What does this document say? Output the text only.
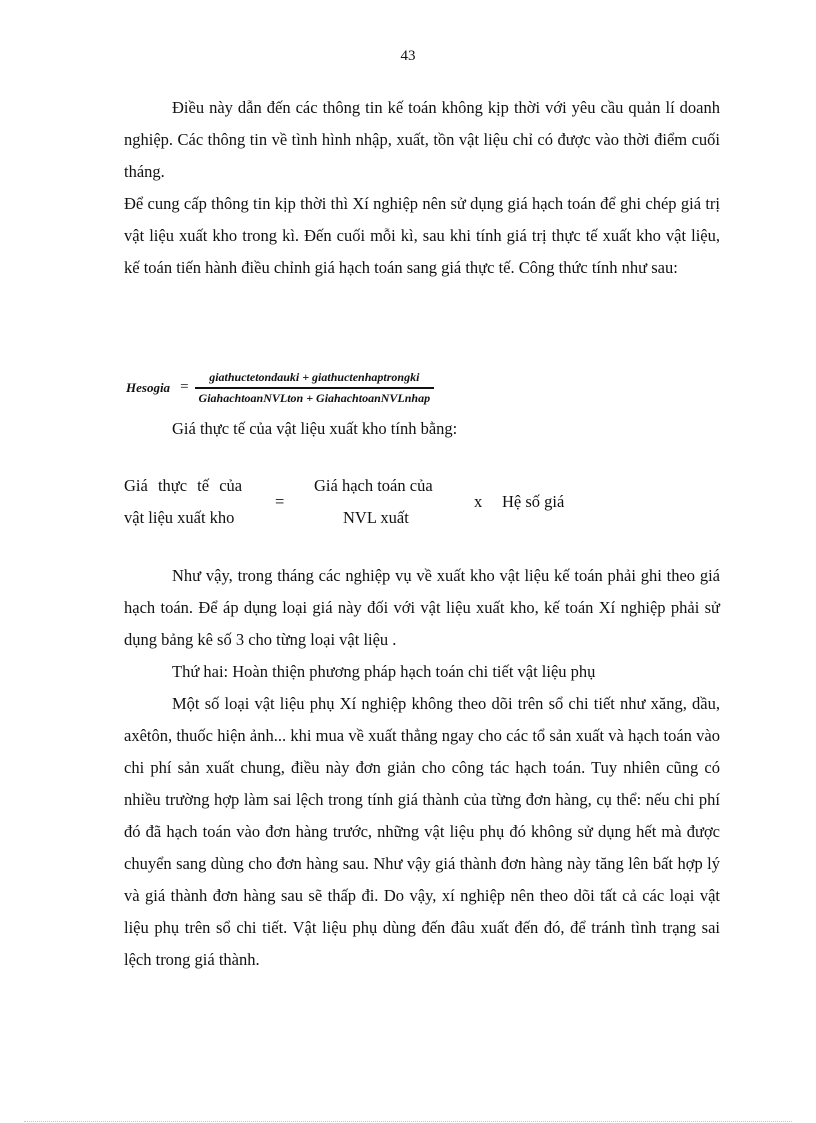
43

Điều này dẫn đến các thông tin kế toán không kịp thời với yêu cầu quản lí doanh nghiệp. Các thông tin về tình hình nhập, xuất, tồn vật liệu chỉ có được vào thời điểm cuối tháng.

Để cung cấp thông tin kịp thời thì Xí nghiệp nên sử dụng giá hạch toán để ghi chép giá trị vật liệu xuất kho trong kì. Đến cuối mỗi kì, sau khi tính giá trị thực tế xuất kho vật liệu, kế toán tiến hành điều chỉnh giá hạch toán sang giá thực tế. Công thức tính như sau:

Hesogia = $\frac{\text{giathuctetondauki + giathuctenhaptrongki}}{\text{GiahachtoanNVLton + GiahachtoanNVLnhap}}$

Giá thực tế của vật liệu xuất kho tính bằng:

Giá thực tế của
vật liệu xuất kho
=
Giá hạch toán của
NVL xuất
x Hệ số giá

Như vậy, trong tháng các nghiệp vụ về xuất kho vật liệu kế toán phải ghi theo giá hạch toán. Để áp dụng loại giá này đối với vật liệu xuất kho, kế toán Xí nghiệp phải sử dụng bảng kê số 3 cho từng loại vật liệu .

Thứ hai: Hoàn thiện phương pháp hạch toán chi tiết vật liệu phụ

Một số loại vật liệu phụ Xí nghiệp không theo dõi trên sổ chi tiết như xăng, dầu, axêtôn, thuốc hiện ảnh... khi mua về xuất thẳng ngay cho các tổ sản xuất và hạch toán vào chi phí sản xuất chung, điều này đơn giản cho công tác hạch toán. Tuy nhiên cũng có nhiều trường hợp làm sai lệch trong tính giá thành của từng đơn hàng, cụ thể: nếu chi phí đó đã hạch toán vào đơn hàng trước, những vật liệu phụ đó không sử dụng hết mà được chuyển sang dùng cho đơn hàng sau. Như vậy giá thành đơn hàng này tăng lên bất hợp lý và giá thành đơn hàng sau sẽ thấp đi. Do vậy, xí nghiệp nên theo dõi tất cả các loại vật liệu phụ trên sổ chi tiết. Vật liệu phụ dùng đến đâu xuất đến đó, để tránh tình trạng sai lệch trong giá thành.
